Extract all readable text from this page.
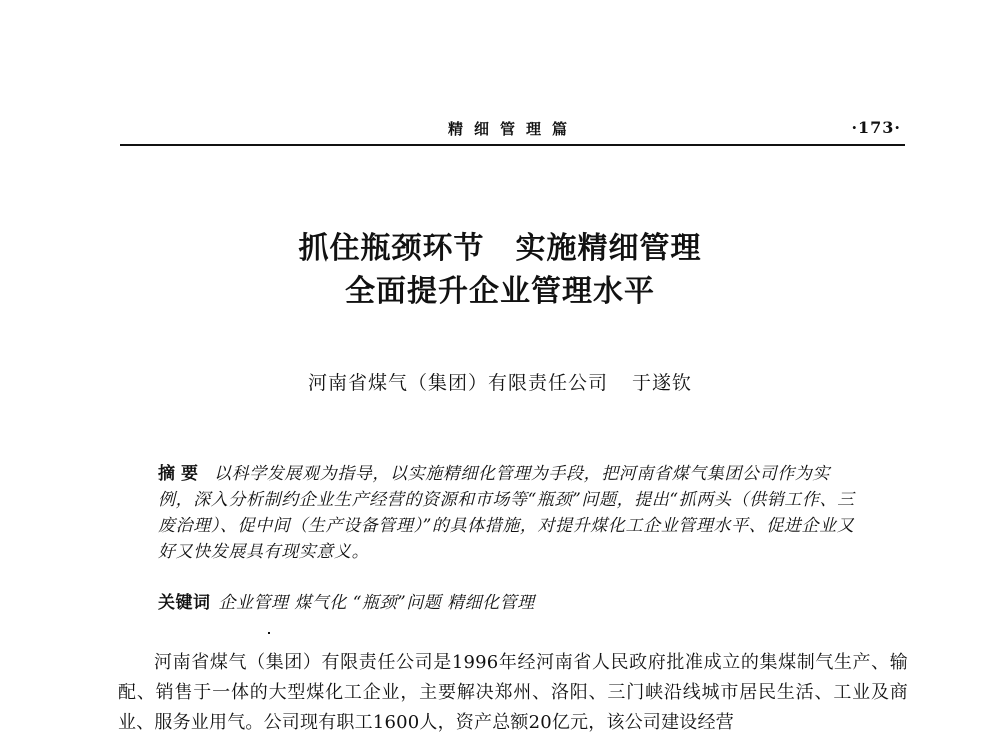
精细管理篇	·173·
抓住瓶颈环节　实施精细管理
全面提升企业管理水平
河南省煤气（集团）有限责任公司 于遂钦
摘要 以科学发展观为指导，以实施精细化管理为手段，把河南省煤气集团公司作为实例，深入分析制约企业生产经营的资源和市场等“瓶颈”问题，提出“抓两头（供销工作、三废治理）、促中间（生产设备管理）”的具体措施，对提升煤化工企业管理水平、促进企业又好又快发展具有现实意义。
关键词 企业管理 煤气化 “瓶颈”问题 精细化管理
河南省煤气（集团）有限责任公司是1996年经河南省人民政府批准成立的集煤制气生产、输配、销售于一体的大型煤化工企业，主要解决郑州、洛阳、三门峡沿线城市居民生活、工业及商业、服务业用气。公司现有职工1600人，资产总额20亿元，该公司建设经营
